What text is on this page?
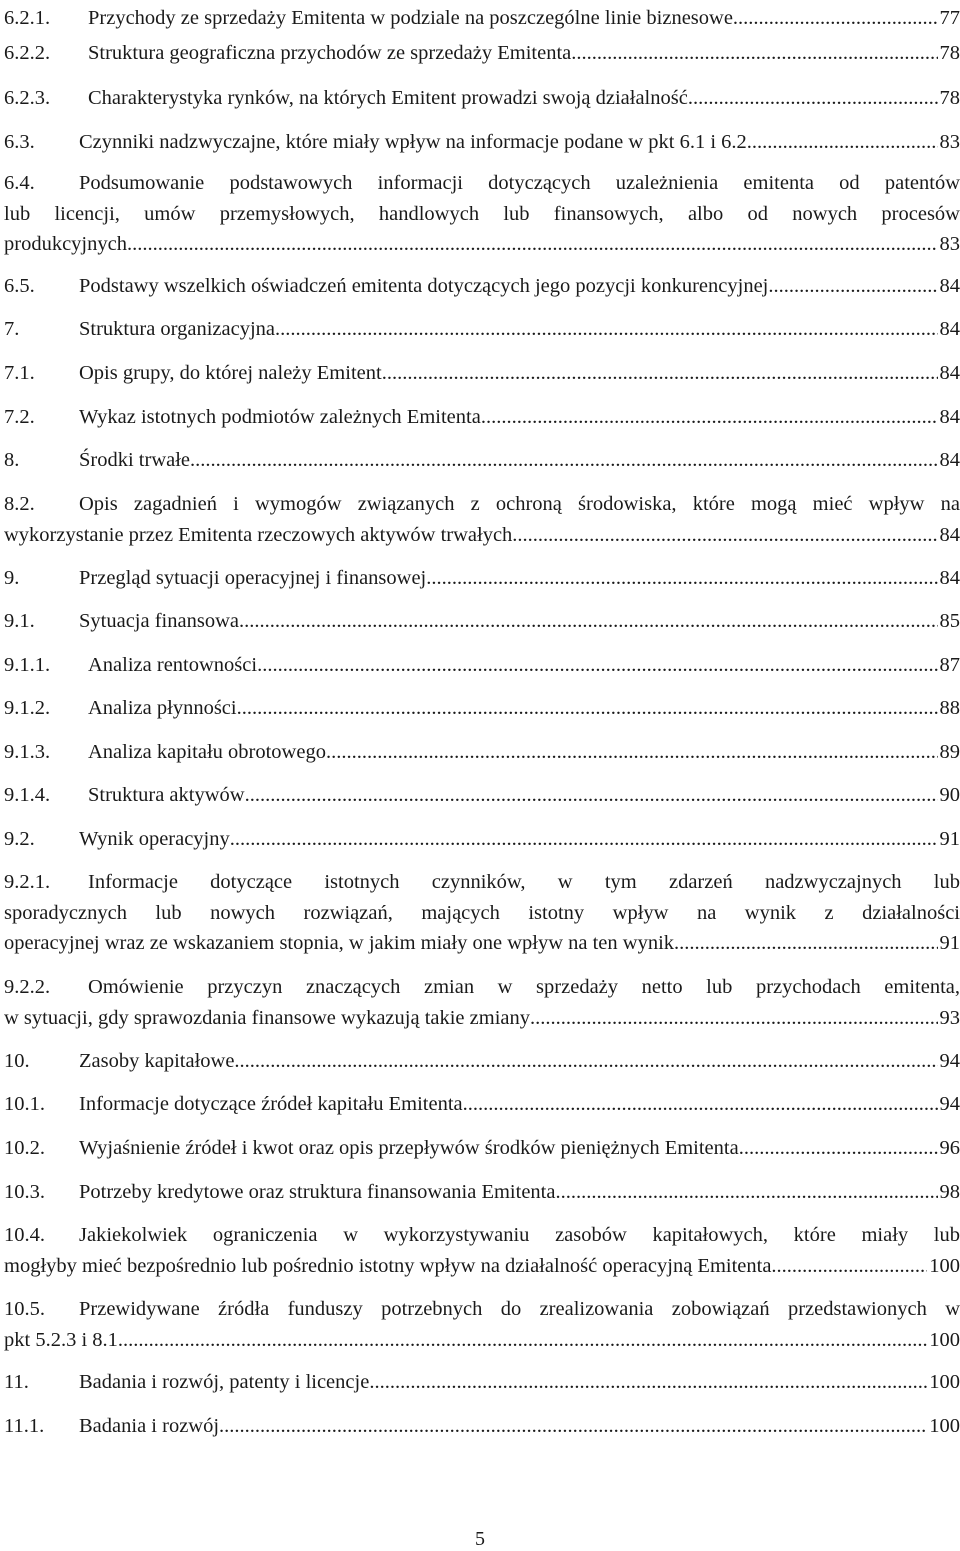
6.2.1. Przychody ze sprzedaży Emitenta w podziale na poszczególne linie biznesowe .....	77
6.2.2. Struktura geograficzna przychodów ze sprzedaży Emitenta .....	78
6.2.3. Charakterystyka rynków, na których Emitent prowadzi swoją działalność .....	78
6.3. Czynniki nadzwyczajne, które miały wpływ na informacje podane w pkt 6.1 i 6.2 .....	83
6.4.	Podsumowanie podstawowych informacji dotyczących uzależnienia emitenta od patentów
lub licencji, umów przemysłowych, handlowych lub finansowych, albo od nowych procesów
produkcyjnych .....	83
6.5. Podstawy wszelkich oświadczeń emitenta dotyczących jego pozycji konkurencyjnej .....	84
7.	Struktura organizacyjna .....	84
7.1. Opis grupy, do której należy Emitent .....	84
7.2. Wykaz istotnych podmiotów zależnych Emitenta .....	84
8.	Środki trwałe .....	84
8.2.	Opis zagadnień i wymogów związanych z ochroną środowiska, które mogą mieć wpływ na
wykorzystanie przez Emitenta rzeczowych aktywów trwałych .....	84
9.	Przegląd sytuacji operacyjnej i finansowej .....	84
9.1. Sytuacja finansowa .....	85
9.1.1. Analiza rentowności .....	87
9.1.2. Analiza płynności .....	88
9.1.3. Analiza kapitału obrotowego .....	89
9.1.4. Struktura aktywów .....	90
9.2. Wynik operacyjny .....	91
9.2.1.	Informacje dotyczące istotnych czynników, w tym zdarzeń nadzwyczajnych lub
sporadycznych lub nowych rozwiązań, mających istotny wpływ na wynik z działalności
operacyjnej wraz ze wskazaniem stopnia, w jakim miały one wpływ na ten wynik .....	91
9.2.2.	Omówienie przyczyn znaczących zmian w sprzedaży netto lub przychodach emitenta,
w sytuacji, gdy sprawozdania finansowe wykazują takie zmiany .....	93
10. Zasoby kapitałowe .....	94
10.1. Informacje dotyczące źródeł kapitału Emitenta .....	94
10.2. Wyjaśnienie źródeł i kwot oraz opis przepływów środków pieniężnych Emitenta .....	96
10.3. Potrzeby kredytowe oraz struktura finansowania Emitenta .....	98
10.4.	Jakiekolwiek ograniczenia w wykorzystywaniu zasobów kapitałowych, które miały lub
mogłyby mieć bezpośrednio lub pośrednio istotny wpływ na działalność operacyjną Emitenta .....	100
10.5.	Przewidywane źródła funduszy potrzebnych do zrealizowania zobowiązań przedstawionych w
pkt 5.2.3 i 8.1 .....	100
11. Badania i rozwój, patenty i licencje .....	100
11.1. Badania i rozwój .....	100
5
